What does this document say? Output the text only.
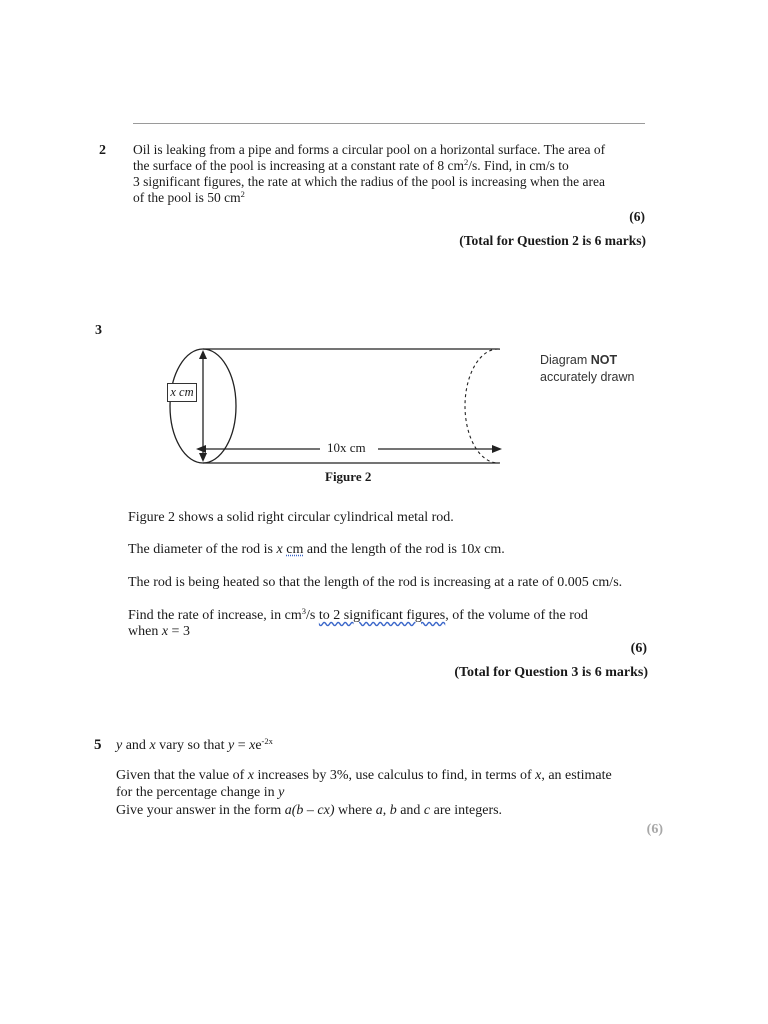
2 Oil is leaking from a pipe and forms a circular pool on a horizontal surface. The area of
the surface of the pool is increasing at a constant rate of 8 $cm^2/s$. Find, in cm/s to
3 significant figures, the rate at which the radius of the pool is increasing when the area
of the pool is 50 $cm^2$
(6)
(Total for Question 2 is 6 marks)
3
x cm
10x cm
Diagram NOT
accurately drawn
Figure 2
Figure 2 shows a solid right circular cylindrical metal rod.
The diameter of the rod is x cm and the length of the rod is 10x cm.
The rod is being heated so that the length of the rod is increasing at a rate of 0.005 cm/s.
Find the rate of increase, in $cm^3/s$ to 2 significant figures, of the volume of the rod
when x = 3
(6)
(Total for Question 3 is 6 marks)
5 y and x vary so that $y = xe^{-2x}$
Given that the value of x increases by 3%, use calculus to find, in terms of x, an estimate
for the percentage change in y
Give your answer in the form a(b – cx) where a, b and c are integers.
(6)
